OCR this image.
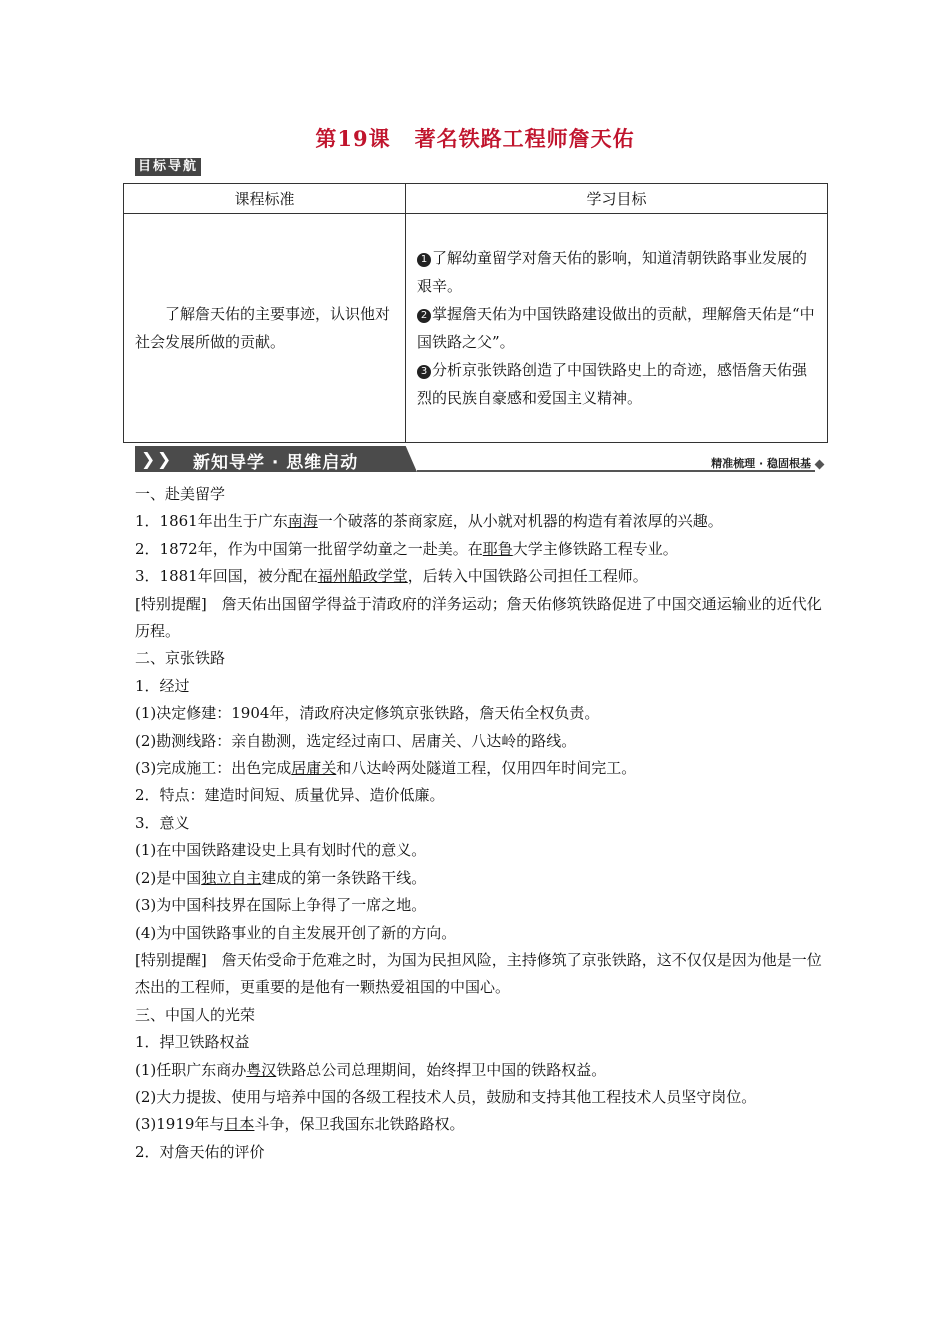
第19课 著名铁路工程师詹天佑
目标导航
课程标准	学习目标

了解詹天佑的主要事迹，认识他对社会发展所做的贡献。	1 了解幼童留学对詹天佑的影响，知道清朝铁路事业发展的艰辛。
2 掌握詹天佑为中国铁路建设做出的贡献，理解詹天佑是“中国铁路之父”。
3 分析京张铁路创造了中国铁路史上的奇迹，感悟詹天佑强烈的民族自豪感和爱国主义精神。
❯ ❯ 新知导学 · 思维启动	精准梳理 · 稳固根基

一、赴美留学

1．1861年出生于广东南海一个破落的茶商家庭，从小就对机器的构造有着浓厚的兴趣。

2．1872年，作为中国第一批留学幼童之一赴美。在耶鲁大学主修铁路工程专业。

3．1881年回国，被分配在福州船政学堂，后转入中国铁路公司担任工程师。

[特别提醒]　詹天佑出国留学得益于清政府的洋务运动；詹天佑修筑铁路促进了中国交通运输业的近代化历程。

二、京张铁路

1．经过

(1)决定修建：1904年，清政府决定修筑京张铁路，詹天佑全权负责。

(2)勘测线路：亲自勘测，选定经过南口、居庸关、八达岭的路线。

(3)完成施工：出色完成居庸关和八达岭两处隧道工程，仅用四年时间完工。

2．特点：建造时间短、质量优异、造价低廉。

3．意义

(1)在中国铁路建设史上具有划时代的意义。

(2)是中国独立自主建成的第一条铁路干线。

(3)为中国科技界在国际上争得了一席之地。

(4)为中国铁路事业的自主发展开创了新的方向。

[特别提醒]　詹天佑受命于危难之时，为国为民担风险，主持修筑了京张铁路，这不仅仅是因为他是一位杰出的工程师，更重要的是他有一颗热爱祖国的中国心。

三、中国人的光荣

1．捍卫铁路权益

(1)任职广东商办粤汉铁路总公司总理期间，始终捍卫中国的铁路权益。

(2)大力提拔、使用与培养中国的各级工程技术人员，鼓励和支持其他工程技术人员坚守岗位。

(3)1919年与日本斗争，保卫我国东北铁路路权。

2．对詹天佑的评价
